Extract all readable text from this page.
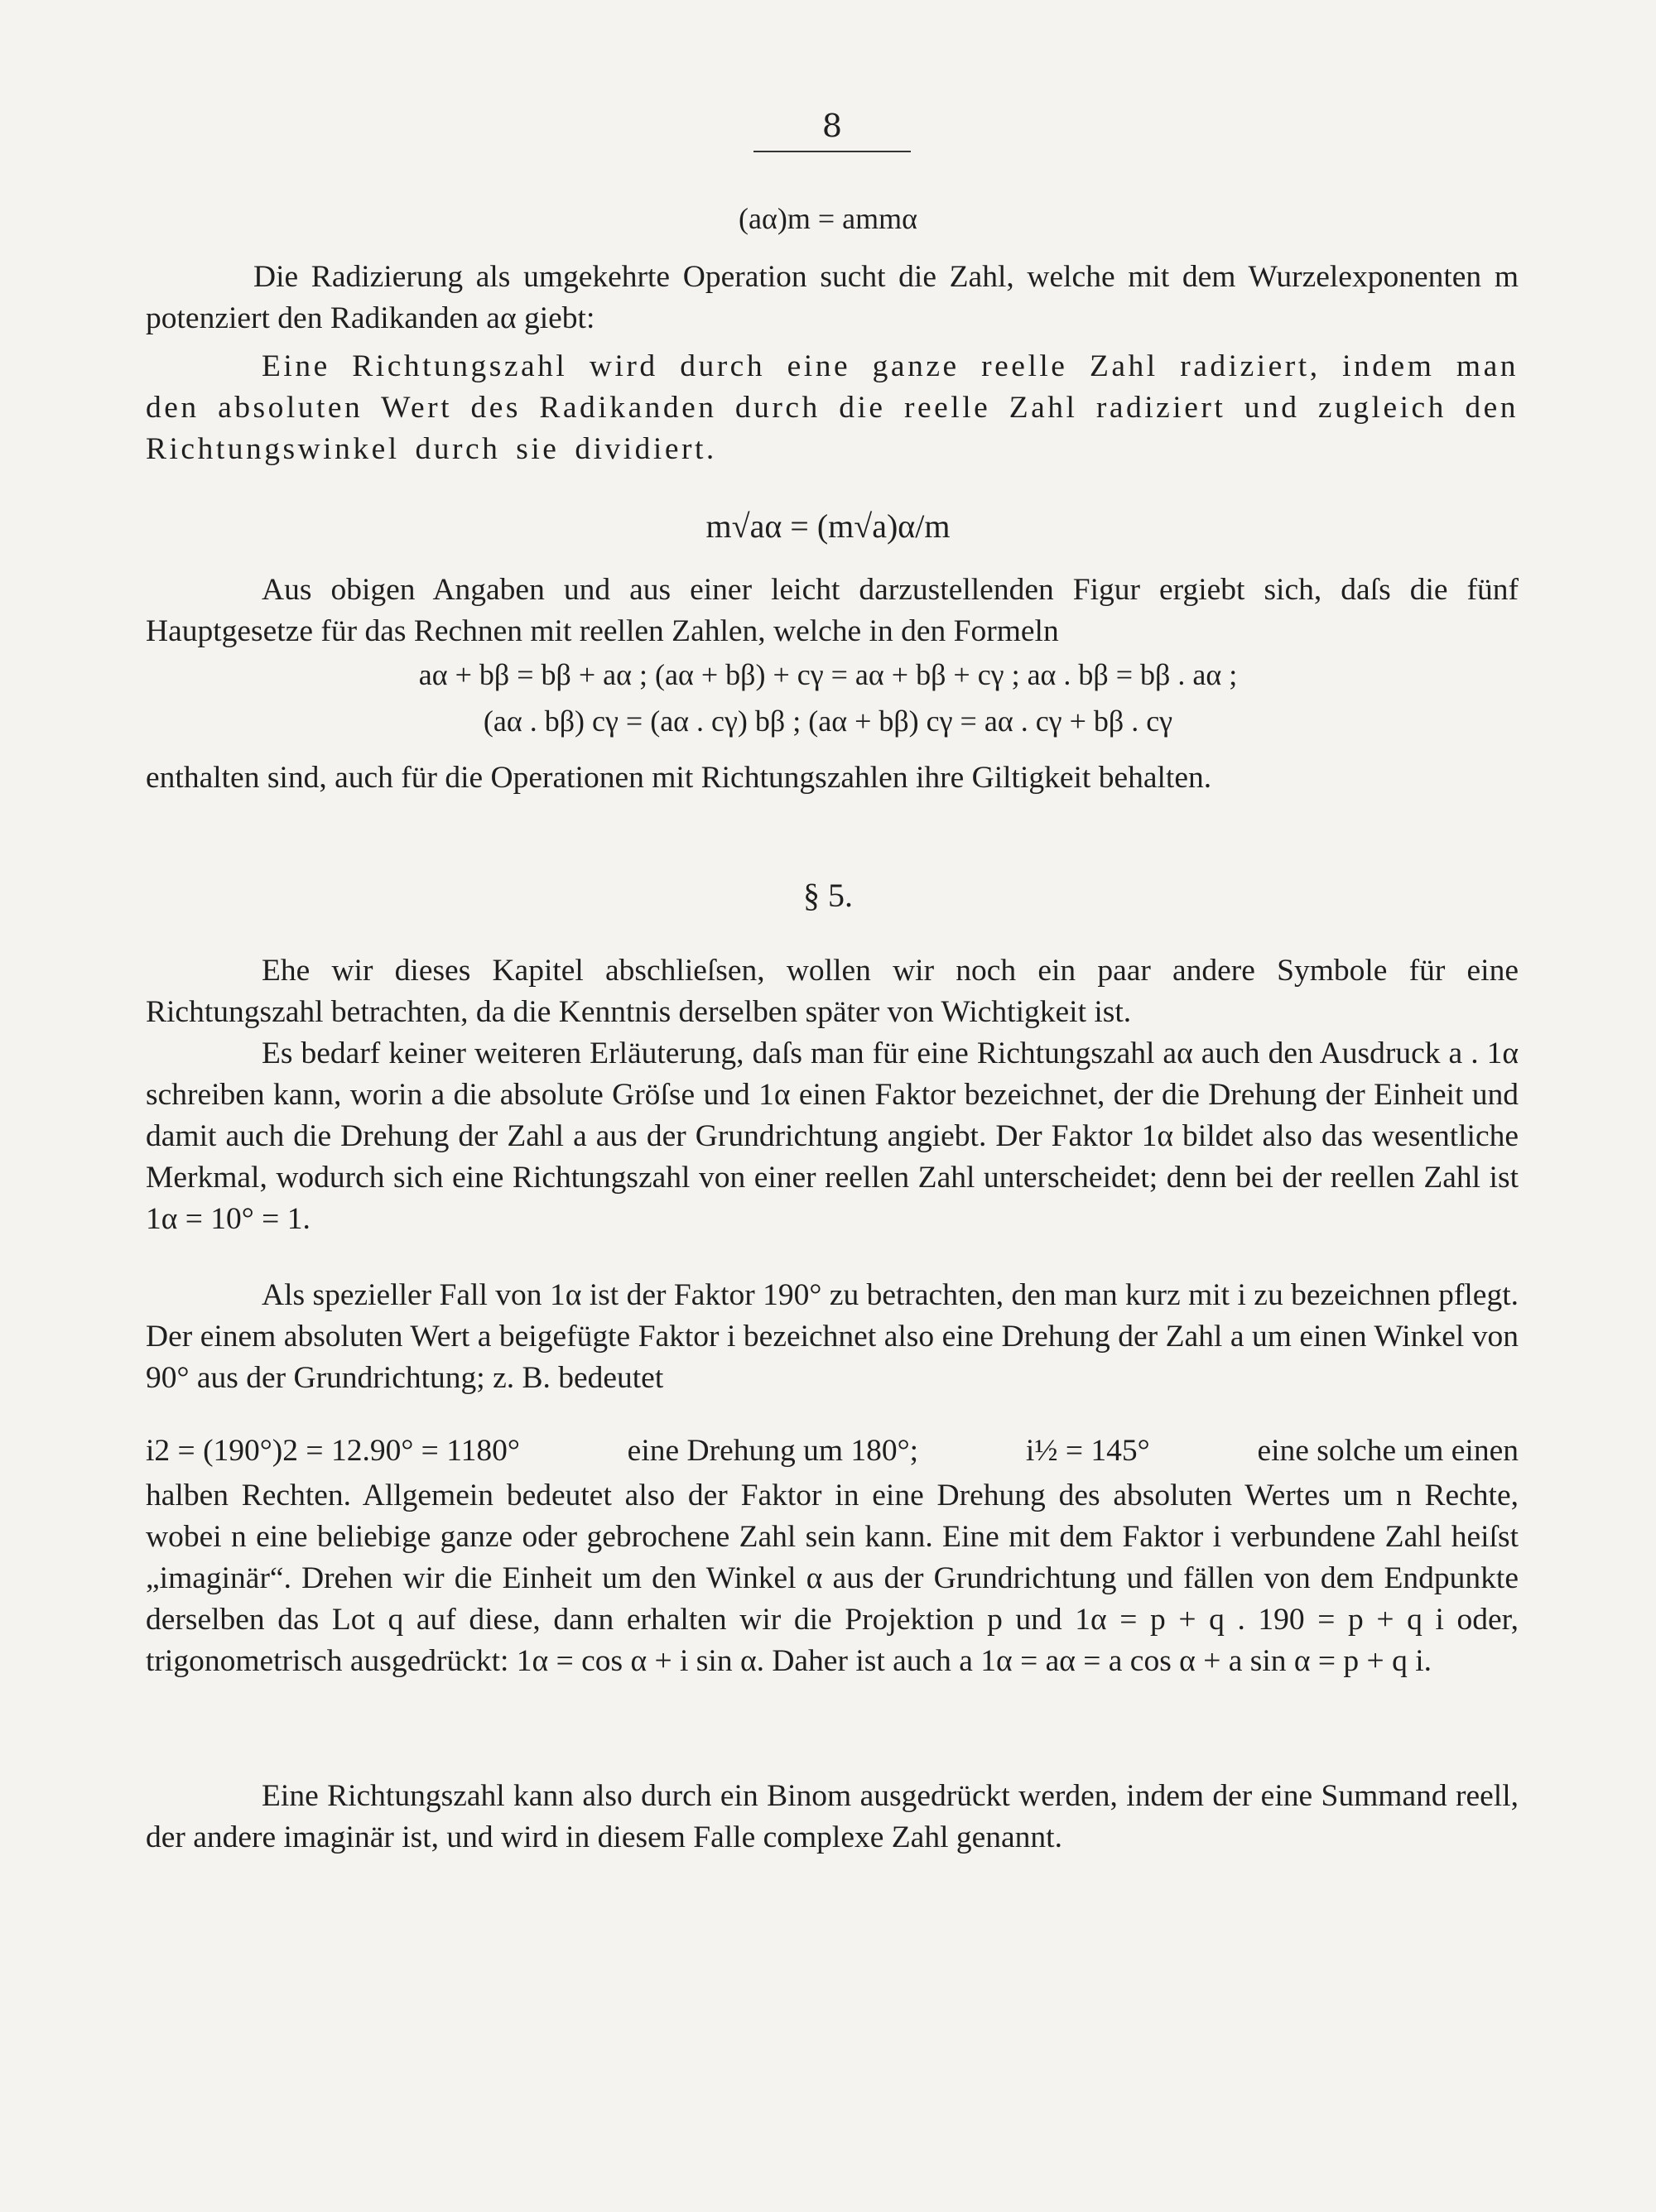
8
(aα)m = ammα
Die Radizierung als umgekehrte Operation sucht die Zahl, welche mit dem Wurzelexponenten m potenziert den Radikanden aα giebt:
Eine Richtungszahl wird durch eine ganze reelle Zahl radiziert, indem man den absoluten Wert des Radikanden durch die reelle Zahl radiziert und zugleich den Richtungswinkel durch sie dividiert.
m√aα = (m√a)α/m
Aus obigen Angaben und aus einer leicht darzustellenden Figur ergiebt sich, daſs die fünf Hauptgesetze für das Rechnen mit reellen Zahlen, welche in den Formeln
aα + bβ = bβ + aα ; (aα + bβ) + cγ = aα + bβ + cγ ; aα . bβ = bβ . aα ;
(aα . bβ) cγ = (aα . cγ) bβ ; (aα + bβ) cγ = aα . cγ + bβ . cγ
enthalten sind, auch für die Operationen mit Richtungszahlen ihre Giltigkeit behalten.
§ 5.
Ehe wir dieses Kapitel abschlieſsen, wollen wir noch ein paar andere Symbole für eine Richtungszahl betrachten, da die Kenntnis derselben später von Wichtigkeit ist.
Es bedarf keiner weiteren Erläuterung, daſs man für eine Richtungszahl aα auch den Ausdruck a . 1α schreiben kann, worin a die absolute Gröſse und 1α einen Faktor bezeichnet, der die Drehung der Einheit und damit auch die Drehung der Zahl a aus der Grundrichtung angiebt. Der Faktor 1α bildet also das wesentliche Merkmal, wodurch sich eine Richtungszahl von einer reellen Zahl unterscheidet; denn bei der reellen Zahl ist 1α = 10° = 1.
Als spezieller Fall von 1α ist der Faktor 190° zu betrachten, den man kurz mit i zu bezeichnen pflegt. Der einem absoluten Wert a beigefügte Faktor i bezeichnet also eine Drehung der Zahl a um einen Winkel von 90° aus der Grundrichtung; z. B. bedeutet
i2 = (190°)2 = 12.90° = 1180°	eine Drehung um 180°;	i½ = 145°	eine solche um einen
halben Rechten. Allgemein bedeutet also der Faktor in eine Drehung des absoluten Wertes um n Rechte, wobei n eine beliebige ganze oder gebrochene Zahl sein kann. Eine mit dem Faktor i verbundene Zahl heiſst „imaginär“. Drehen wir die Einheit um den Winkel α aus der Grundrichtung und fällen von dem Endpunkte derselben das Lot q auf diese, dann erhalten wir die Projektion p und 1α = p + q . 190 = p + q i oder, trigonometrisch ausgedrückt: 1α = cos α + i sin α. Daher ist auch a 1α = aα = a cos α + a sin α = p + q i.
Eine Richtungszahl kann also durch ein Binom ausgedrückt werden, indem der eine Summand reell, der andere imaginär ist, und wird in diesem Falle complexe Zahl genannt.
